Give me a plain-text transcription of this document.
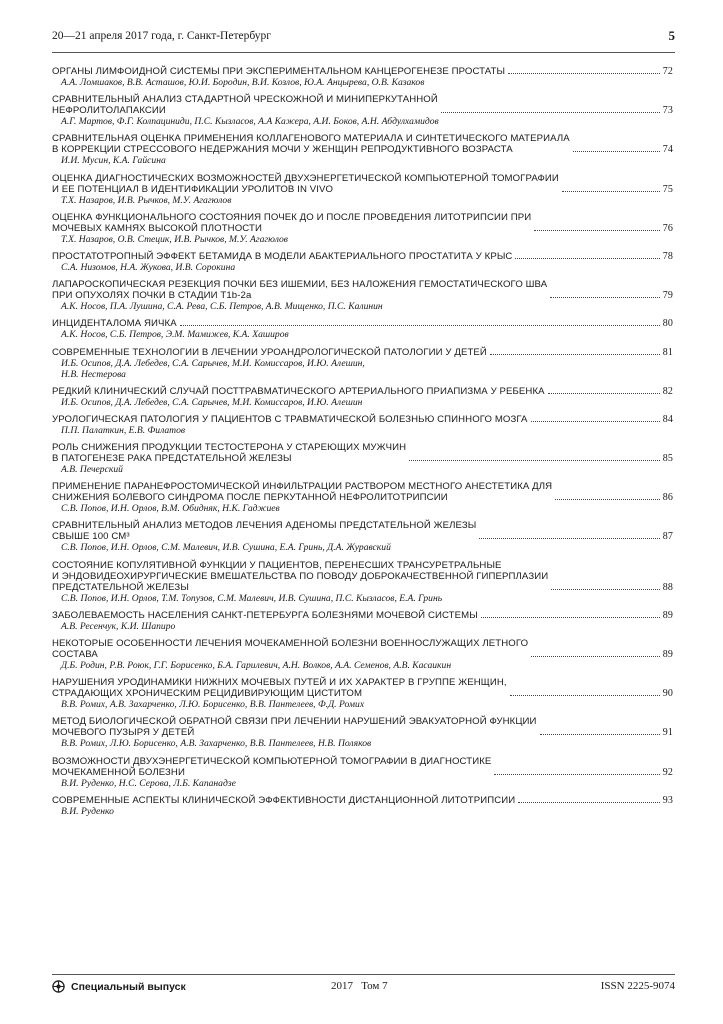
20—21 апреля 2017 года, г. Санкт-Петербург	5
ОРГАНЫ ЛИМФОИДНОЙ СИСТЕМЫ ПРИ ЭКСПЕРИМЕНТАЛЬНОМ КАНЦЕРОГЕНЕЗЕ ПРОСТАТЫ	72
А.А. Ломшаков, В.В. Асташов, Ю.И. Бородин, В.И. Козлов, Ю.А. Анцырева, О.В. Казаков
СРАВНИТЕЛЬНЫЙ АНАЛИЗ СТАДАРТНОЙ ЧРЕСКОЖНОЙ И МИНИПЕРКУТАННОЙ
НЕФРОЛИТОЛАПАКСИИ	73
А.Г. Мартов, Ф.Г. Колпациниди, П.С. Кызласов, А.А Кажера, А.И. Боков, А.Н. Абдулхамидов
СРАВНИТЕЛЬНАЯ ОЦЕНКА ПРИМЕНЕНИЯ КОЛЛАГЕНОВОГО МАТЕРИАЛА И СИНТЕТИЧЕСКОГО МАТЕРИАЛА
В КОРРЕКЦИИ СТРЕССОВОГО НЕДЕРЖАНИЯ МОЧИ У ЖЕНЩИН РЕПРОДУКТИВНОГО ВОЗРАСТА	74
И.И. Мусин, К.А. Гайсина
ОЦЕНКА ДИАГНОСТИЧЕСКИХ ВОЗМОЖНОСТЕЙ ДВУХЭНЕРГЕТИЧЕСКОЙ КОМПЬЮТЕРНОЙ ТОМОГРАФИИ
И ЕЕ ПОТЕНЦИАЛ В ИДЕНТИФИКАЦИИ УРОЛИТОВ IN VIVO	75
Т.Х. Назаров, И.В. Рычков, М.У. Агагюлов
ОЦЕНКА ФУНКЦИОНАЛЬНОГО СОСТОЯНИЯ ПОЧЕК ДО И ПОСЛЕ ПРОВЕДЕНИЯ ЛИТОТРИПСИИ ПРИ
МОЧЕВЫХ КАМНЯХ ВЫСОКОЙ ПЛОТНОСТИ	76
Т.Х. Назаров, О.В. Стецик, И.В. Рычков, М.У. Агагюлов
ПРОСТАТОТРОПНЫЙ ЭФФЕКТ БЕТАМИДА В МОДЕЛИ АБАКТЕРИАЛЬНОГО ПРОСТАТИТА У КРЫС	78
С.А. Низомов, Н.А. Жукова, И.В. Сорокина
ЛАПАРОСКОПИЧЕСКАЯ РЕЗЕКЦИЯ ПОЧКИ БЕЗ ИШЕМИИ, БЕЗ НАЛОЖЕНИЯ ГЕМОСТАТИЧЕСКОГО ШВА
ПРИ ОПУХОЛЯХ ПОЧКИ В СТАДИИ Т1b-2a	79
А.К. Носов, П.А. Лушина, С.А. Рева, С.Б. Петров, А.В. Мищенко, П.С. Калинин
ИНЦИДЕНТАЛОМА ЯИЧКА	80
А.К. Носов, С.Б. Петров, Э.М. Мамижев, К.А. Хаширов
СОВРЕМЕННЫЕ ТЕХНОЛОГИИ В ЛЕЧЕНИИ УРОАНДРОЛОГИЧЕСКОЙ ПАТОЛОГИИ У ДЕТЕЙ	81
И.Б. Осипов, Д.А. Лебедев, С.А. Сарычев, М.И. Комиссаров, И.Ю. Алешин,
Н.В. Нестерова
РЕДКИЙ КЛИНИЧЕСКИЙ СЛУЧАЙ ПОСТТРАВМАТИЧЕСКОГО АРТЕРИАЛЬНОГО ПРИАПИЗМА У РЕБЕНКА	82
И.Б. Осипов, Д.А. Лебедев, С.А. Сарычев, М.И. Комиссаров, И.Ю. Алешин
УРОЛОГИЧЕСКАЯ ПАТОЛОГИЯ У ПАЦИЕНТОВ С ТРАВМАТИЧЕСКОЙ БОЛЕЗНЬЮ СПИННОГО МОЗГА	84
П.П. Палаткин, Е.В. Филатов
РОЛЬ СНИЖЕНИЯ ПРОДУКЦИИ ТЕСТОСТЕРОНА У СТАРЕЮЩИХ МУЖЧИН
В ПАТОГЕНЕЗЕ РАКА ПРЕДСТАТЕЛЬНОЙ ЖЕЛЕЗЫ	85
А.В. Печерский
ПРИМЕНЕНИЕ ПАРАНЕФРОСТОМИЧЕСКОЙ ИНФИЛЬТРАЦИИ РАСТВОРОМ МЕСТНОГО АНЕСТЕТИКА ДЛЯ
СНИЖЕНИЯ БОЛЕВОГО СИНДРОМА ПОСЛЕ ПЕРКУТАННОЙ НЕФРОЛИТОТРИПСИИ	86
С.В. Попов, И.Н. Орлов, В.М. Обидняк, Н.К. Гаджиев
СРАВНИТЕЛЬНЫЙ АНАЛИЗ МЕТОДОВ ЛЕЧЕНИЯ АДЕНОМЫ ПРЕДСТАТЕЛЬНОЙ ЖЕЛЕЗЫ
СВЫШЕ 100 СМ³	87
С.В. Попов, И.Н. Орлов, С.М. Малевич, И.В. Сушина, Е.А. Гринь, Д.А. Журавский
СОСТОЯНИЕ КОПУЛЯТИВНОЙ ФУНКЦИИ У ПАЦИЕНТОВ, ПЕРЕНЕСШИХ ТРАНСУРЕТРАЛЬНЫЕ
И ЭНДОВИДЕОХИРУРГИЧЕСКИЕ ВМЕШАТЕЛЬСТВА ПО ПОВОДУ ДОБРОКАЧЕСТВЕННОЙ ГИПЕРПЛАЗИИ
ПРЕДСТАТЕЛЬНОЙ ЖЕЛЕЗЫ	88
С.В. Попов, И.Н. Орлов, Т.М. Топузов, С.М. Малевич, И.В. Сушина, П.С. Кызласов, Е.А. Гринь
ЗАБОЛЕВАЕМОСТЬ НАСЕЛЕНИЯ САНКТ-ПЕТЕРБУРГА БОЛЕЗНЯМИ МОЧЕВОЙ СИСТЕМЫ	89
А.В. Ресенчук, К.И. Шапиро
НЕКОТОРЫЕ ОСОБЕННОСТИ ЛЕЧЕНИЯ МОЧЕКАМЕННОЙ БОЛЕЗНИ ВОЕННОСЛУЖАЩИХ ЛЕТНОГО
СОСТАВА	89
Д.Б. Родин, Р.В. Роюк, Г.Г. Борисенко, Б.А. Гарилевич, А.Н. Волков, А.А. Семенов, А.В. Касаикин
НАРУШЕНИЯ УРОДИНАМИКИ НИЖНИХ МОЧЕВЫХ ПУТЕЙ И ИХ ХАРАКТЕР В ГРУППЕ ЖЕНЩИН,
СТРАДАЮЩИХ ХРОНИЧЕСКИМ РЕЦИДИВИРУЮЩИМ ЦИСТИТОМ	90
В.В. Ромих, А.В. Захарченко, Л.Ю. Борисенко, В.В. Пантелеев, Ф.Д. Ромих
МЕТОД БИОЛОГИЧЕСКОЙ ОБРАТНОЙ СВЯЗИ ПРИ ЛЕЧЕНИИ НАРУШЕНИЙ ЭВАКУАТОРНОЙ ФУНКЦИИ
МОЧЕВОГО ПУЗЫРЯ У ДЕТЕЙ	91
В.В. Ромих, Л.Ю. Борисенко, А.В. Захарченко, В.В. Пантелеев, Н.В. Поляков
ВОЗМОЖНОСТИ ДВУХЭНЕРГЕТИЧЕСКОЙ КОМПЬЮТЕРНОЙ ТОМОГРАФИИ В ДИАГНОСТИКЕ
МОЧЕКАМЕННОЙ БОЛЕЗНИ	92
В.И. Руденко, Н.С. Серова, Л.Б. Капанадзе
СОВРЕМЕННЫЕ АСПЕКТЫ КЛИНИЧЕСКОЙ ЭФФЕКТИВНОСТИ ДИСТАНЦИОННОЙ ЛИТОТРИПСИИ	93
В.И. Руденко
Специальный выпуск	2017 Том 7	ISSN 2225-9074
